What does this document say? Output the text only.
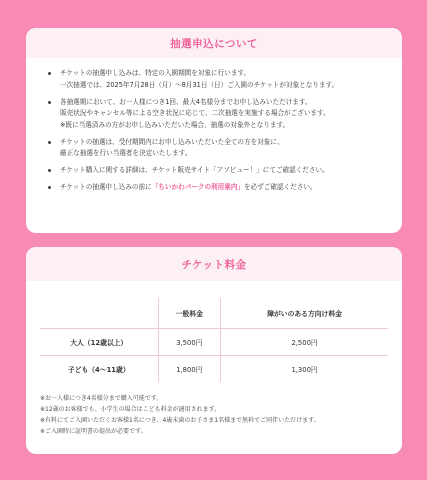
抽選申込について
チケットの抽選申し込みは、特定の入園期間を対象に行います。
一次抽選では、2025年7月28日（月）〜8月31日（日）ご入園のチケットが対象となります。
各抽選期において、お一人様につき1回、最大4名様分までお申し込みいただけます。
販売状況やキャンセル等による空き状況に応じて、二次抽選を実施する場合がございます。
※既に当選済みの方がお申し込みいただいた場合、抽選の対象外となります。
チケットの抽選は、受付期間内にお申し込みいただいた全ての方を対象に、
厳正な抽選を行い当選者を決定いたします。
チケット購入に関する詳細は、チケット販売サイト「アソビュー！」にてご確認ください。
チケットの抽選申し込みの前に「ちいかわパークの利用案内」を必ずご確認ください。
チケット料金
	一般料金	障がいのある方向け料金
大人（12歳以上）	3,500円	2,500円
子ども（4〜11歳）	1,800円	1,300円

※お一人様につき4名様分まで購入可能です。

※12歳のお客様でも、小学生の場合はこども料金が適用されます。

※有料にてご入園いただくお客様1名につき、4歳未満のお子さま1名様まで無料でご同伴いただけます。

※ご入園時に証明書の提出が必要です。
